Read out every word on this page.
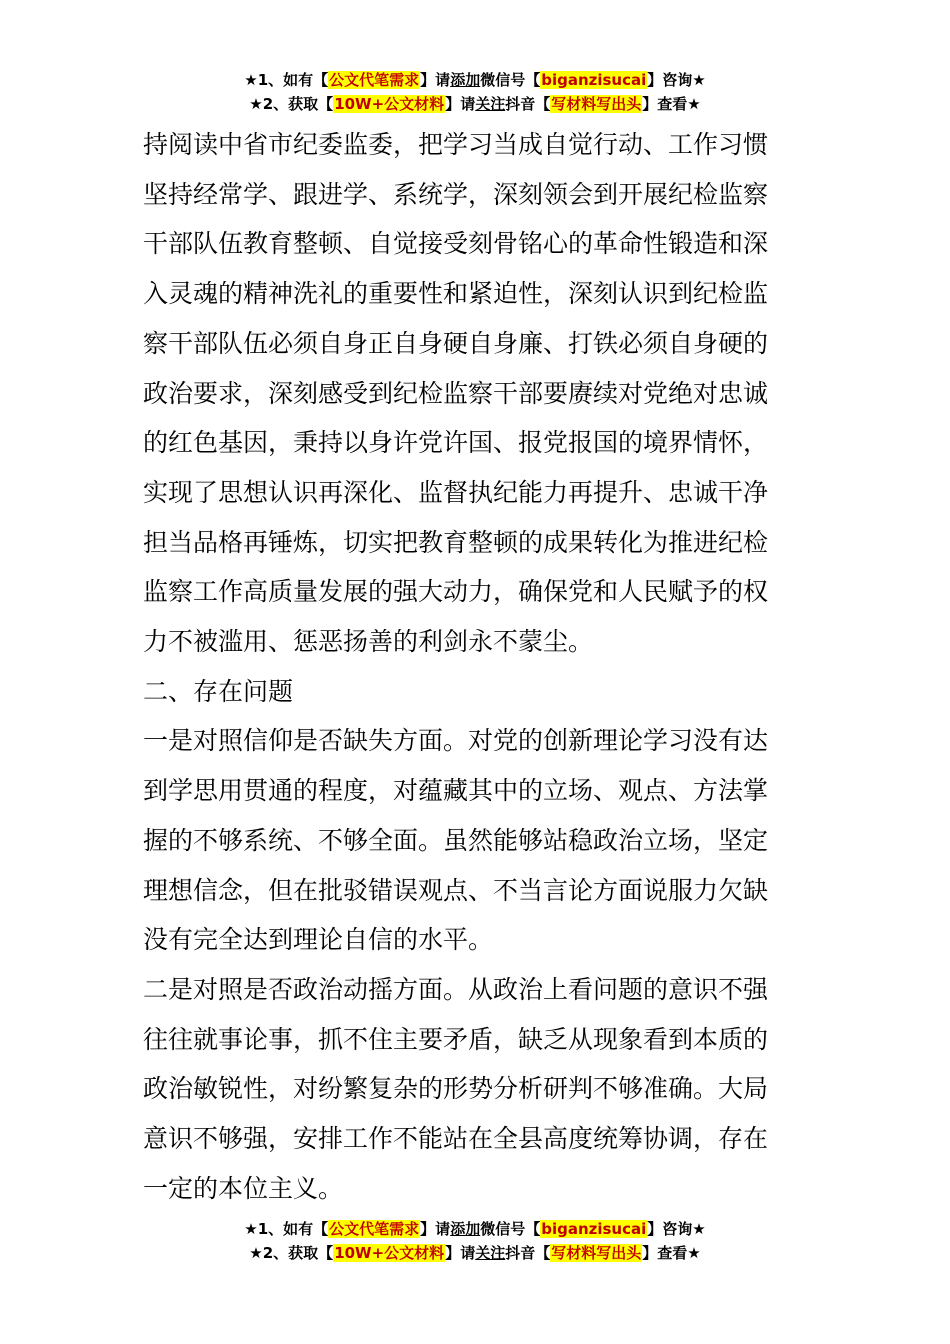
★1、如有【公文代笔需求】请添加微信号【biganzisucai】咨询★
★2、获取【10W+公文材料】请关注抖音【写材料写出头】查看★

持阅读中省市纪委监委，把学习当成自觉行动、工作习惯

坚持经常学、跟进学、系统学，深刻领会到开展纪检监察

干部队伍教育整顿、自觉接受刻骨铭心的革命性锻造和深

入灵魂的精神洗礼的重要性和紧迫性，深刻认识到纪检监

察干部队伍必须自身正自身硬自身廉、打铁必须自身硬的

政治要求，深刻感受到纪检监察干部要赓续对党绝对忠诚

的红色基因，秉持以身许党许国、报党报国的境界情怀，

实现了思想认识再深化、监督执纪能力再提升、忠诚干净

担当品格再锤炼，切实把教育整顿的成果转化为推进纪检

监察工作高质量发展的强大动力，确保党和人民赋予的权

力不被滥用、惩恶扬善的利剑永不蒙尘。

二、存在问题

一是对照信仰是否缺失方面。对党的创新理论学习没有达

到学思用贯通的程度，对蕴藏其中的立场、观点、方法掌

握的不够系统、不够全面。虽然能够站稳政治立场，坚定

理想信念，但在批驳错误观点、不当言论方面说服力欠缺

没有完全达到理论自信的水平。

二是对照是否政治动摇方面。从政治上看问题的意识不强

往往就事论事，抓不住主要矛盾，缺乏从现象看到本质的

政治敏锐性，对纷繁复杂的形势分析研判不够准确。大局

意识不够强，安排工作不能站在全县高度统筹协调，存在

一定的本位主义。

★1、如有【公文代笔需求】请添加微信号【biganzisucai】咨询★
★2、获取【10W+公文材料】请关注抖音【写材料写出头】查看★
